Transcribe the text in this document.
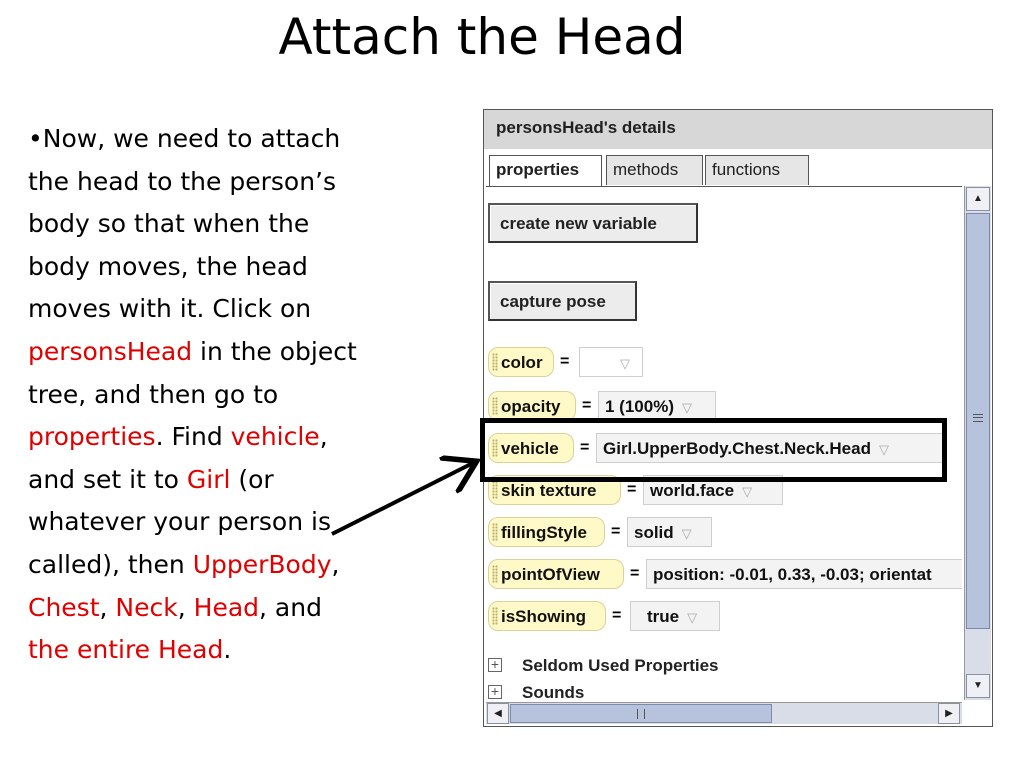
Attach the Head
•Now, we need to attach the head to the person’s body so that when the body moves, the head moves with it. Click on personsHead in the object tree, and then go to properties. Find vehicle, and set it to Girl (or whatever your person is called), then UpperBody, Chest, Neck, Head, and the entire Head.
personsHead's details
properties	methods	functions
create new variable
capture pose
color	=	▽
opacity	= 1 (100%) ▽
vehicle	= Girl.UpperBody.Chest.Neck.Head ▽
skin texture	= world.face ▽
fillingStyle	= solid ▽
pointOfView	= position: -0.01, 0.33, -0.03; orientat
isShowing	=	true ▽
+ Seldom Used Properties
+ Sounds
▲
▼
◀	▶
